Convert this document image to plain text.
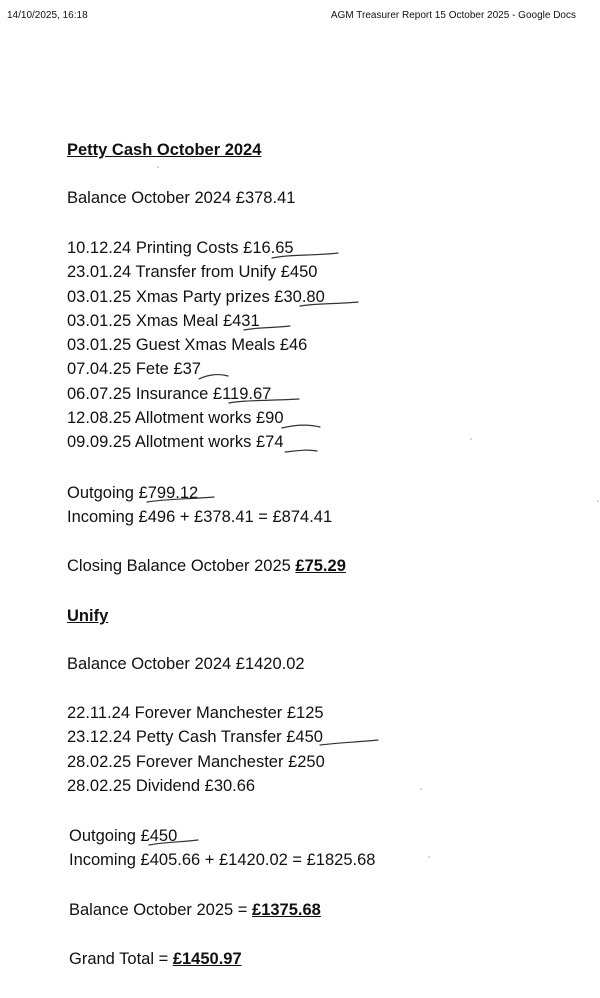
14/10/2025, 16:18	AGM Treasurer Report 15 October 2025 - Google Docs
Petty Cash October 2024
Balance October 2024 £378.41
10.12.24 Printing Costs £16.65
23.01.24 Transfer from Unify £450
03.01.25 Xmas Party prizes £30.80
03.01.25 Xmas Meal £431
03.01.25 Guest Xmas Meals £46
07.04.25 Fete £37
06.07.25 Insurance £119.67
12.08.25 Allotment works £90
09.09.25 Allotment works £74
Outgoing £799.12
Incoming £496 + £378.41 = £874.41
Closing Balance October 2025 £75.29
Unify
Balance October 2024 £1420.02
22.11.24 Forever Manchester £125
23.12.24 Petty Cash Transfer £450
28.02.25 Forever Manchester £250
28.02.25 Dividend £30.66
Outgoing £450
Incoming £405.66 + £1420.02 = £1825.68
Balance October 2025 = £1375.68
Grand Total = £1450.97
